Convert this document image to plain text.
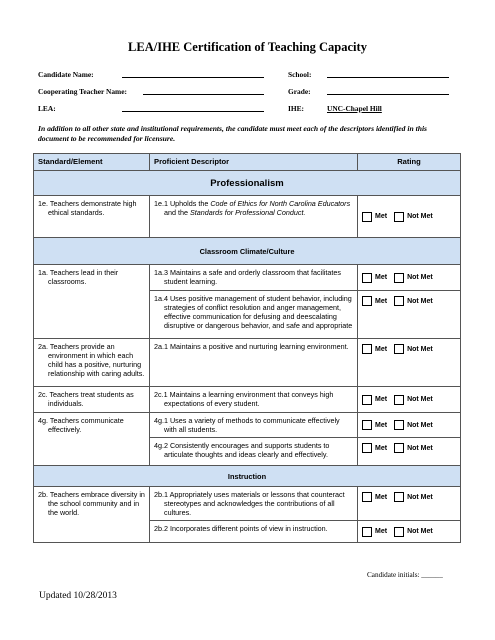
LEA/IHE Certification of Teaching Capacity
Candidate Name:	School:
Cooperating Teacher Name:	Grade:
LEA:	IHE:	UNC-Chapel Hill
In addition to all other state and institutional requirements, the candidate must meet each of the descriptors identified in this document to be recommended for licensure.
Standard/Element	Proficient Descriptor	Rating
Professionalism		
1e. Teachers demonstrate high ethical standards.	1e.1 Upholds the Code of Ethics for North Carolina Educators and the Standards for Professional Conduct.	Met Not Met
Classroom Climate/Culture		
1a. Teachers lead in their classrooms.	1a.3 Maintains a safe and orderly classroom that facilitates student learning.	Met Not Met
	1a.4 Uses positive management of student behavior, including strategies of conflict resolution and anger management, effective communication for defusing and deescalating disruptive or dangerous behavior, and safe and appropriate	Met Not Met
2a. Teachers provide an environment in which each child has a positive, nurturing relationship with caring adults.	2a.1 Maintains a positive and nurturing learning environment.	Met Not Met
2c. Teachers treat students as individuals.	2c.1 Maintains a learning environment that conveys high expectations of every student.	Met Not Met
4g. Teachers communicate effectively.	4g.1 Uses a variety of methods to communicate effectively with all students.	Met Not Met
	4g.2 Consistently encourages and supports students to articulate thoughts and ideas clearly and effectively.	Met Not Met
Instruction		
2b. Teachers embrace diversity in the school community and in the world.	2b.1 Appropriately uses materials or lessons that counteract stereotypes and acknowledges the contributions of all cultures.	Met Not Met
	2b.2 Incorporates different points of view in instruction.	Met Not Met
Candidate initials: ______
Updated 10/28/2013
